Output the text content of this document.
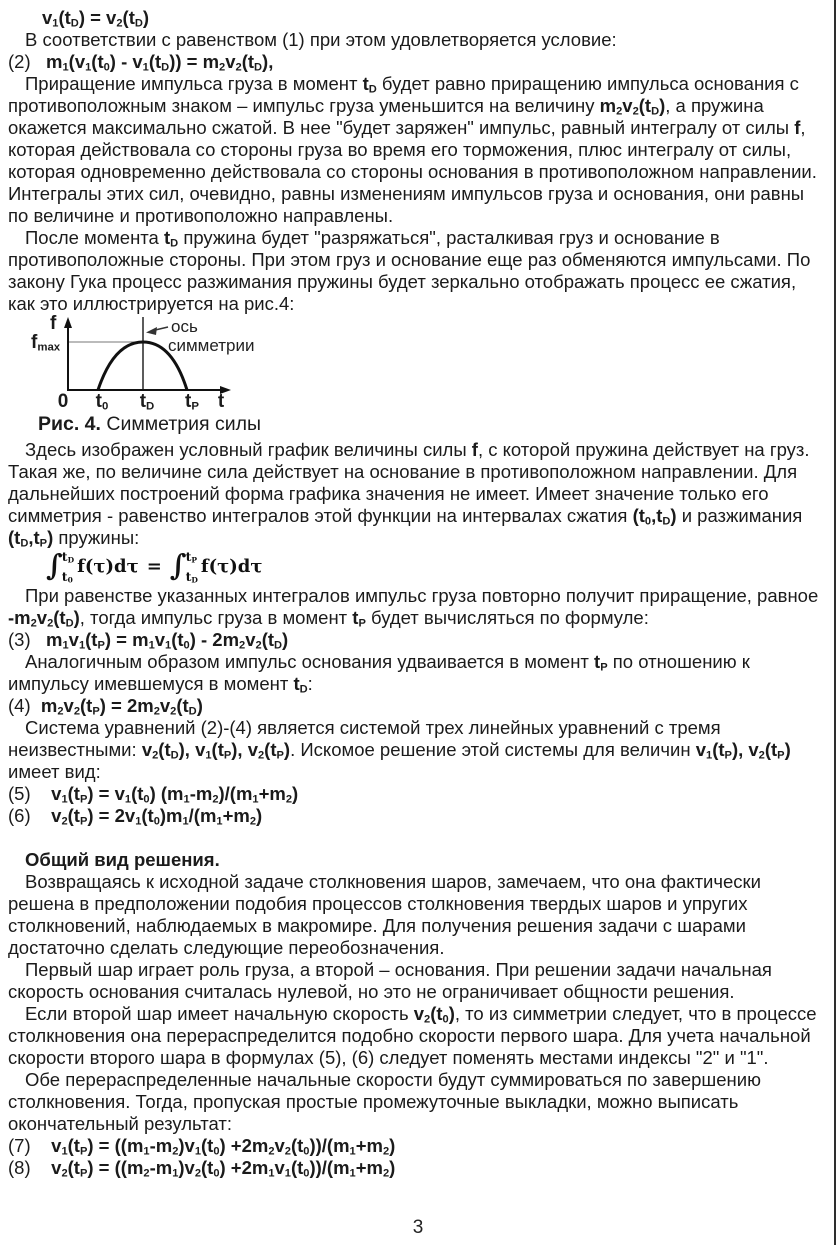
$v_1(t_D) = v_2(t_D)$

В соответствии с равенством (1) при этом удовлетворяется условие:

(2)   $m_1(v_1(t_0) - v_1(t_D)) = m_2v_2(t_D)$,

Приращение импульса груза в момент $t_D$ будет равно приращению импульса основания с противоположным знаком – импульс груза уменьшится на величину $m_2v_2(t_D)$, а пружина окажется максимально сжатой. В нее "будет заряжен" импульс, равный интегралу от силы f, которая действовала со стороны груза во время его торможения, плюс интегралу от силы, которая одновременно действовала со стороны основания в противоположном направлении. Интегралы этих сил, очевидно, равны изменениям импульсов груза и основания, они равны по величине и противоположно направлены.

После момента $t_D$ пружина будет "разряжаться", расталкивая груз и основание в противоположные стороны. При этом груз и основание еще раз обменяются импульсами. По закону Гука процесс разжимания пружины будет зеркально отображать процесс ее сжатия, как это иллюстрируется на рис.4:

f
$f_{max}$
ось
симметрии
0 $t_0$ $t_D$ $t_P$ t
Рис. 4. Симметрия силы

Здесь изображен условный график величины силы f, с которой пружина действует на груз. Такая же, по величине сила действует на основание в противоположном направлении. Для дальнейших построений форма графика значения не имеет. Имеет значение только его симметрия - равенство интегралов этой функции на интервалах сжатия $(t_0,t_D)$ и разжимания $(t_D,t_P)$ пружины:

∫ $t_D$
$t_0$
f(τ)dτ = ∫ $t_P$
$t_D$
f(τ)dτ

При равенстве указанных интегралов импульс груза повторно получит приращение, равное $-m_2v_2(t_D)$, тогда импульс груза в момент $t_P$ будет вычисляться по формуле:

(3)   $m_1v_1(t_P) = m_1v_1(t_0) - 2m_2v_2(t_D)$

Аналогичным образом импульс основания удваивается в момент $t_P$ по отношению к импульсу имевшемуся в момент $t_D$:

(4)  $m_2v_2(t_P) = 2m_2v_2(t_D)$

Система уравнений (2)-(4) является системой трех линейных уравнений с тремя неизвестными: $v_2(t_D)$, $v_1(t_P)$, $v_2(t_P)$. Искомое решение этой системы для величин $v_1(t_P)$, $v_2(t_P)$ имеет вид:

(5)    $v_1(t_P) = v_1(t_0)$ $(m_1-m_2)/(m_1+m_2)$
(6)    $v_2(t_P) = 2v_1(t_0)m_1/(m_1+m_2)$
Общий вид решения.

Возвращаясь к исходной задаче столкновения шаров, замечаем, что она фактически решена в предположении подобия процессов столкновения твердых шаров и упругих столкновений, наблюдаемых в макромире. Для получения решения задачи с шарами достаточно сделать следующие переобозначения.

Первый шар играет роль груза, а второй – основания. При решении задачи начальная скорость основания считалась нулевой, но это не ограничивает общности решения.

Если второй шар имеет начальную скорость $v_2(t_0)$, то из симметрии следует, что в процессе столкновения она перераспределится подобно скорости первого шара. Для учета начальной скорости второго шара в формулах (5), (6) следует поменять местами индексы "2" и "1".

Обе перераспределенные начальные скорости будут суммироваться по завершению столкновения. Тогда, пропуская простые промежуточные выкладки, можно выписать окончательный результат:

(7)    $v_1(t_P) = ((m_1-m_2)v_1(t_0) +2m_2v_2(t_0))/(m_1+m_2)$
(8)    $v_2(t_P) = ((m_2-m_1)v_2(t_0) +2m_1v_1(t_0))/(m_1+m_2)$
3
